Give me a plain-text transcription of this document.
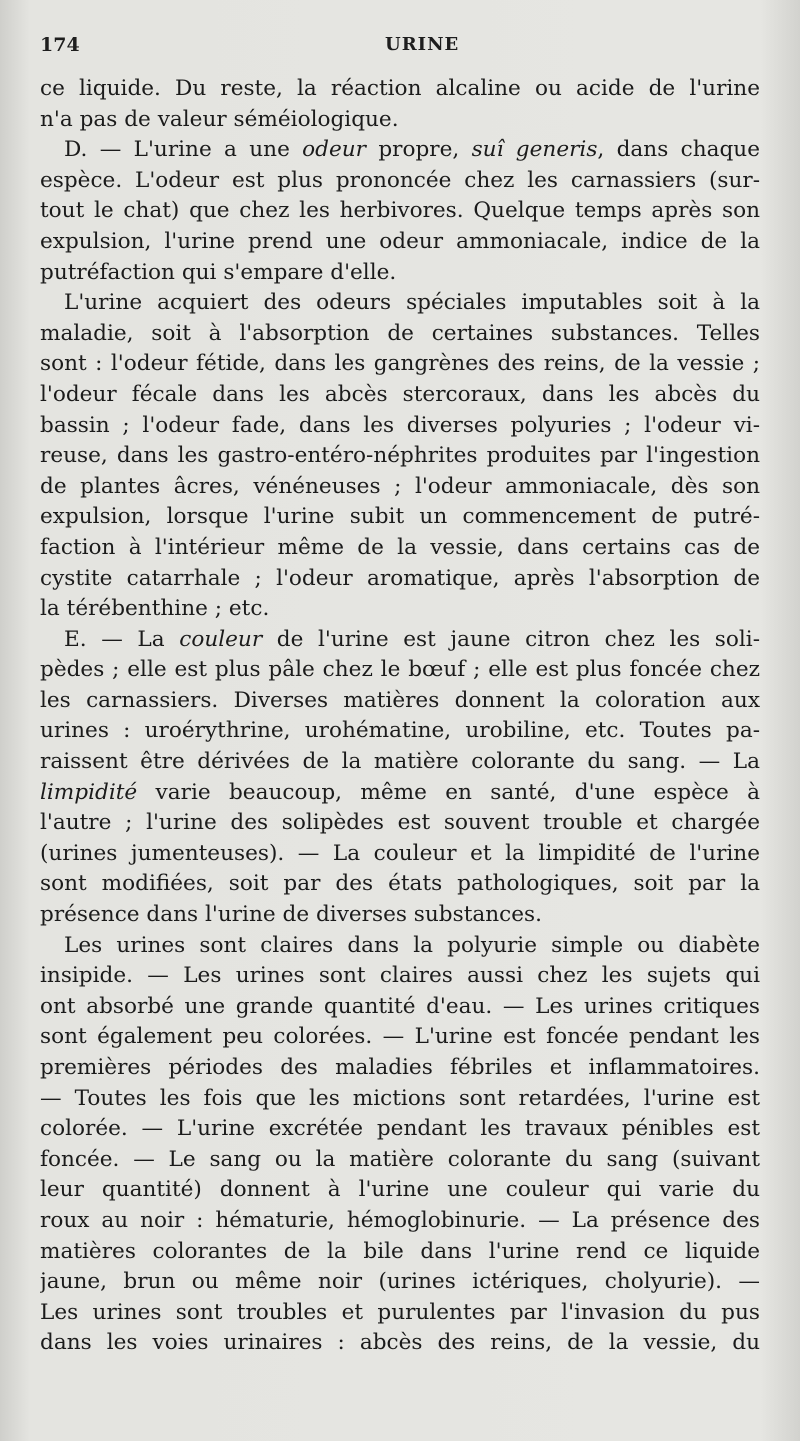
174	URINE
ce liquide. Du reste, la réaction alcaline ou acide de l'urine
n'a pas de valeur séméiologique.
D. — L'urine a une odeur propre, suî generis, dans chaque
espèce. L'odeur est plus prononcée chez les carnassiers (sur-
tout le chat) que chez les herbivores. Quelque temps après son
expulsion, l'urine prend une odeur ammoniacale, indice de la
putréfaction qui s'empare d'elle.
L'urine acquiert des odeurs spéciales imputables soit à la
maladie, soit à l'absorption de certaines substances. Telles
sont : l'odeur fétide, dans les gangrènes des reins, de la vessie ;
l'odeur fécale dans les abcès stercoraux, dans les abcès du
bassin ; l'odeur fade, dans les diverses polyuries ; l'odeur vi-
reuse, dans les gastro-entéro-néphrites produites par l'ingestion
de plantes âcres, vénéneuses ; l'odeur ammoniacale, dès son
expulsion, lorsque l'urine subit un commencement de putré-
faction à l'intérieur même de la vessie, dans certains cas de
cystite catarrhale ; l'odeur aromatique, après l'absorption de
la térébenthine ; etc.
E. — La couleur de l'urine est jaune citron chez les soli-
pèdes ; elle est plus pâle chez le bœuf ; elle est plus foncée chez
les carnassiers. Diverses matières donnent la coloration aux
urines : uroérythrine, urohématine, urobiline, etc. Toutes pa-
raissent être dérivées de la matière colorante du sang. — La
limpidité varie beaucoup, même en santé, d'une espèce à
l'autre ; l'urine des solipèdes est souvent trouble et chargée
(urines jumenteuses). — La couleur et la limpidité de l'urine
sont modifiées, soit par des états pathologiques, soit par la
présence dans l'urine de diverses substances.
Les urines sont claires dans la polyurie simple ou diabète
insipide. — Les urines sont claires aussi chez les sujets qui
ont absorbé une grande quantité d'eau. — Les urines critiques
sont également peu colorées. — L'urine est foncée pendant les
premières périodes des maladies fébriles et inflammatoires.
— Toutes les fois que les mictions sont retardées, l'urine est
colorée. — L'urine excrétée pendant les travaux pénibles est
foncée. — Le sang ou la matière colorante du sang (suivant
leur quantité) donnent à l'urine une couleur qui varie du
roux au noir : hématurie, hémoglobinurie. — La présence des
matières colorantes de la bile dans l'urine rend ce liquide
jaune, brun ou même noir (urines ictériques, cholyurie). —
Les urines sont troubles et purulentes par l'invasion du pus
dans les voies urinaires : abcès des reins, de la vessie, du
